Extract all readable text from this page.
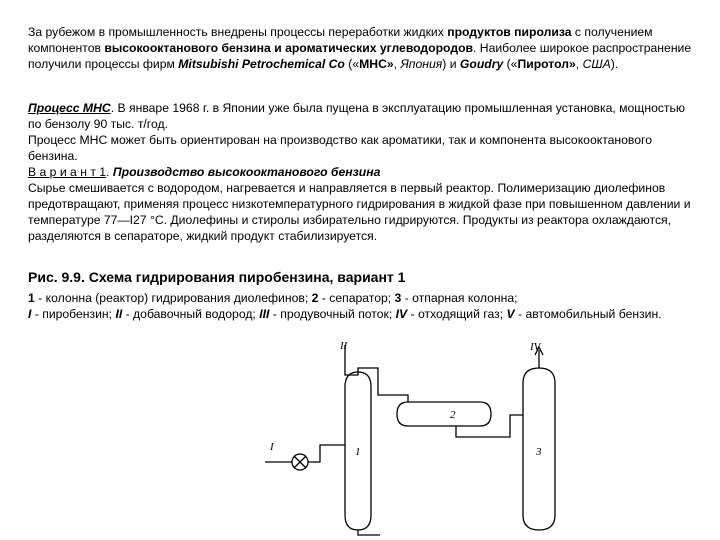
За рубежом в промышленность внедрены процессы переработки жидких продуктов пиролиза с получением компонентов высокооктанового бензина и ароматических углеводородов. Наиболее широкое распространение получили процессы фирм Mitsubishi Petrochemical Co («МНС», Япония) и Goudry («Пиротол», США).
Процесс МНС. В январе 1968 г. в Японии уже была пущена в эксплуатацию промышленная установка, мощностью по бензолу 90 тыс. т/год.
Процесс МНС может быть ориентирован на производство как ароматики, так и компонента высокооктанового бензина.
В а р и а н т 1. Производство высокооктанового бензина
Сырье смешивается с водородом, нагревается и направляется в первый реактор. Полимеризацию диолефинов предотвращают, применяя процесс низкотемпературного гидрирования в жидкой фазе при повышенном давлении и температуре 77—I27 °С. Диолефины и стиролы избирательно гидрируются. Продукты из реактора охлаждаются, разделяются в сепараторе, жидкий продукт стабилизируется.
Рис. 9.9. Схема гидрирования пиробензина, вариант 1
1 - колонна (реактор) гидрирования диолефинов; 2 - сепаратор; 3 - отпарная колонна;
I - пиробензин; II - добавочный водород; III - продувочный поток; IV - отходящий газ; V - автомобильный бензин.
II
I
IV
1
2
3
